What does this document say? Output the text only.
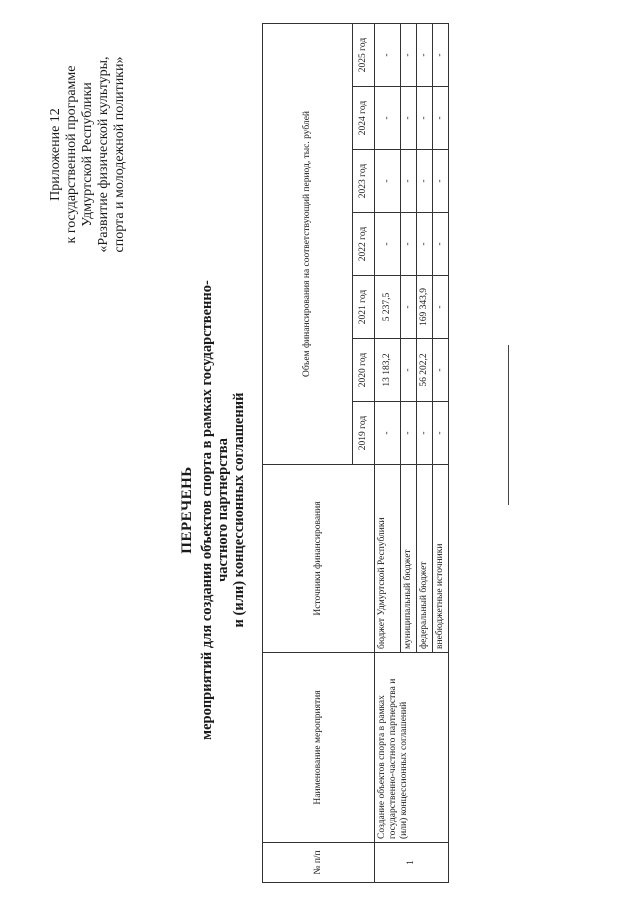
Приложение 12 к государственной программе Удмуртской Республики «Развитие физической культуры, спорта и молодежной политики»
ПЕРЕЧЕНЬ мероприятий для создания объектов спорта в рамках государственно-частного партнерства и (или) концессионных соглашений
№ п/п	Наименование мероприятия	Источники финансирования	Объем финансирования на соответствующий период, тыс. рублей						
			2019 год	2020 год	2021 год	2022 год	2023 год	2024 год	2025 год
1	Создание объектов спорта в рамках государственно-частного партнерства и (или) концессионных соглашений	бюджет Удмуртской Республики	-	13 183,2	5 237,5	-	-	-	-
		муниципальный бюджет	-	-	-	-	-	-	-
		федеральный бюджет	-	56 202,2	169 343,9	-	-	-	-
		внебюджетные источники	-	-	-	-	-	-	-
